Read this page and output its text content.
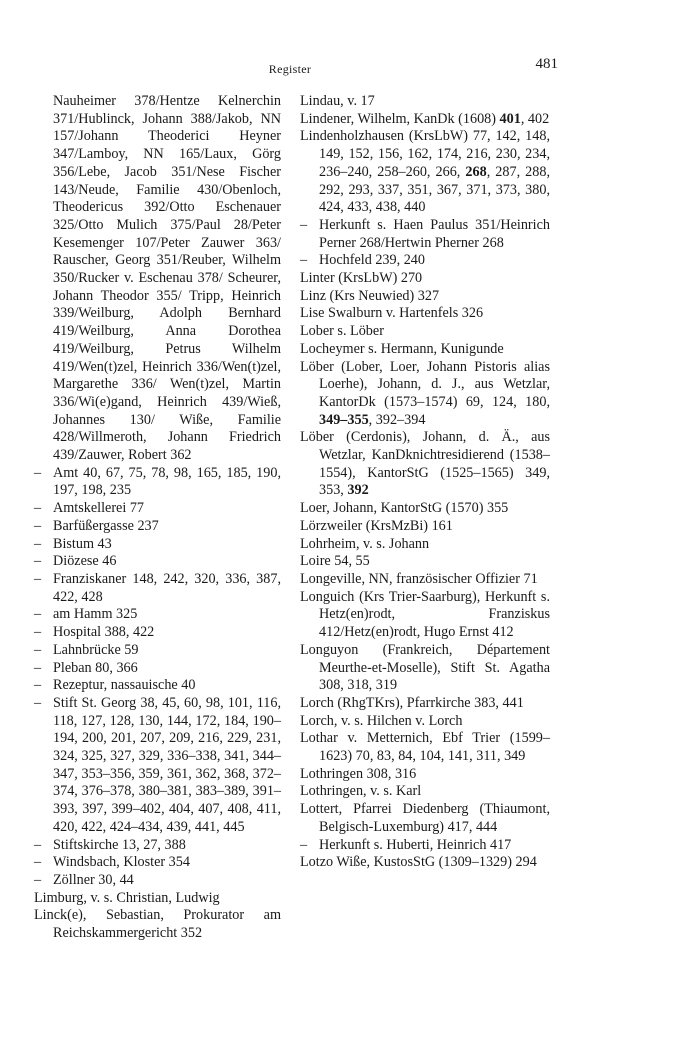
Register	481

Nauheimer 378/Hentze Kelnerchin 371/Hublinck, Johann 388/Jakob, NN 157/Johann Theoderici Heyner 347/Lamboy, NN 165/Laux, Görg 356/Lebe, Jacob 351/Nese Fischer 143/Neude, Familie 430/Obenloch, Theodericus 392/Otto Eschenauer 325/Otto Mulich 375/Paul 28/Peter Kesemenger 107/Peter Zauwer 363/ Rauscher, Georg 351/Reuber, Wilhelm 350/Rucker v. Eschenau 378/ Scheurer, Johann Theodor 355/ Tripp, Heinrich 339/Weilburg, Adolph Bernhard 419/Weilburg, Anna Dorothea 419/Weilburg, Petrus Wilhelm 419/Wen(t)zel, Heinrich 336/Wen(t)zel, Margarethe 336/ Wen(t)zel, Martin 336/Wi(e)gand, Heinrich 439/Wieß, Johannes 130/ Wiße, Familie 428/Willmeroth, Johann Friedrich 439/Zauwer, Robert 362

– Amt 40, 67, 75, 78, 98, 165, 185, 190, 197, 198, 235

– Amtskellerei 77

– Barfüßergasse 237

– Bistum 43

– Diözese 46

– Franziskaner 148, 242, 320, 336, 387, 422, 428

– am Hamm 325

– Hospital 388, 422

– Lahnbrücke 59

– Pleban 80, 366

– Rezeptur, nassauische 40

– Stift St. Georg 38, 45, 60, 98, 101, 116, 118, 127, 128, 130, 144, 172, 184, 190–194, 200, 201, 207, 209, 216, 229, 231, 324, 325, 327, 329, 336–338, 341, 344–347, 353–356, 359, 361, 362, 368, 372–374, 376–378, 380–381, 383–389, 391–393, 397, 399–402, 404, 407, 408, 411, 420, 422, 424–434, 439, 441, 445

– Stiftskirche 13, 27, 388

– Windsbach, Kloster 354

– Zöllner 30, 44

Limburg, v. s. Christian, Ludwig

Linck(e), Sebastian, Prokurator am Reichskammergericht 352

Lindau, v. 17

Lindener, Wilhelm, KanDk (1608) 401, 402

Lindenholzhausen (KrsLbW) 77, 142, 148, 149, 152, 156, 162, 174, 216, 230, 234, 236–240, 258–260, 266, 268, 287, 288, 292, 293, 337, 351, 367, 371, 373, 380, 424, 433, 438, 440

– Herkunft s. Haen Paulus 351/Heinrich Perner 268/Hertwin Pherner 268

– Hochfeld 239, 240

Linter (KrsLbW) 270

Linz (Krs Neuwied) 327

Lise Swalburn v. Hartenfels 326

Lober s. Löber

Locheymer s. Hermann, Kunigunde

Löber (Lober, Loer, Johann Pistoris alias Loerhe), Johann, d. J., aus Wetzlar, KantorDk (1573–1574) 69, 124, 180, 349–355, 392–394

Löber (Cerdonis), Johann, d. Ä., aus Wetzlar, KanDknichtresidierend (1538–1554), KantorStG (1525–1565) 349, 353, 392

Loer, Johann, KantorStG (1570) 355

Lörzweiler (KrsMzBi) 161

Lohrheim, v. s. Johann

Loire 54, 55

Longeville, NN, französischer Offizier 71

Longuich (Krs Trier-Saarburg), Herkunft s. Hetz(en)rodt, Franziskus 412/Hetz(en)rodt, Hugo Ernst 412

Longuyon (Frankreich, Département Meurthe-et-Moselle), Stift St. Agatha 308, 318, 319

Lorch (RhgTKrs), Pfarrkirche 383, 441

Lorch, v. s. Hilchen v. Lorch

Lothar v. Metternich, Ebf Trier (1599–1623) 70, 83, 84, 104, 141, 311, 349

Lothringen 308, 316

Lothringen, v. s. Karl

Lottert, Pfarrei Diedenberg (Thiaumont, Belgisch-Luxemburg) 417, 444

– Herkunft s. Huberti, Heinrich 417

Lotzo Wiße, KustosStG (1309–1329) 294
